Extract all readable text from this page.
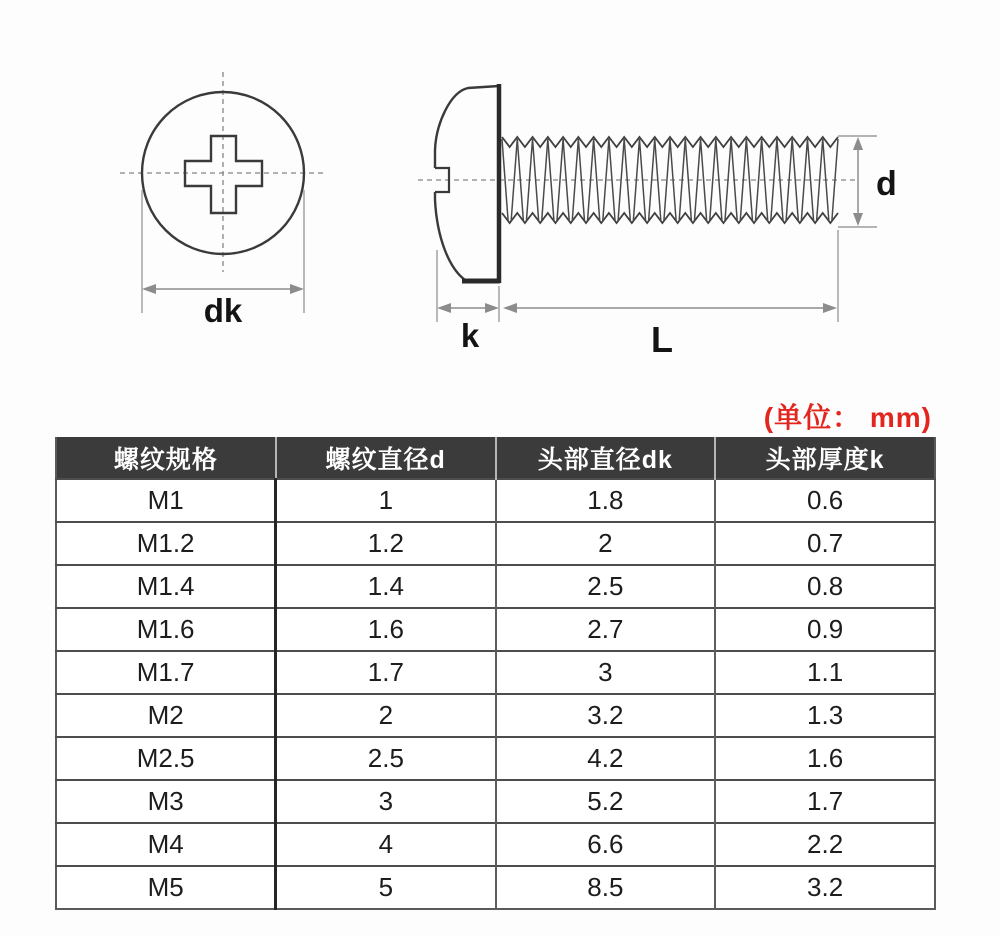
dk
d
k	L
(单位： mm)
螺纹规格	螺纹直径d	头部直径dk	头部厚度k
M1	1	1.8	0.6
M1.2	1.2	2	0.7
M1.4	1.4	2.5	0.8
M1.6	1.6	2.7	0.9
M1.7	1.7	3	1.1
M2	2	3.2	1.3
M2.5	2.5	4.2	1.6
M3	3	5.2	1.7
M4	4	6.6	2.2
M5	5	8.5	3.2
